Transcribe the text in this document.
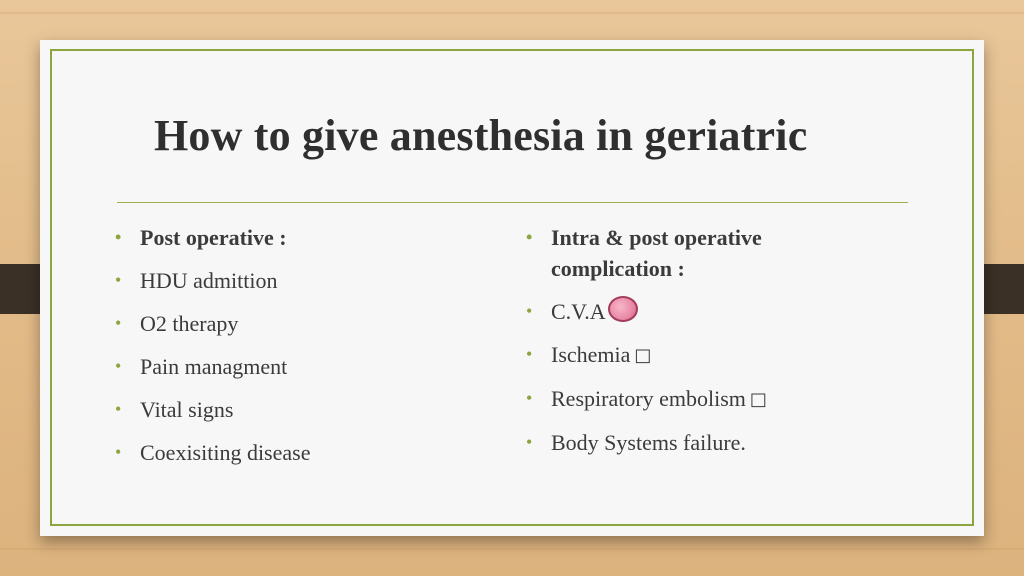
How to give anesthesia in geriatric
• Post operative :
• HDU admittion
• O2 therapy
• Pain managment
• Vital signs
• Coexisiting disease
• Intra & post operative complication :
• C.V.A
• Ischemia □
• Respiratory embolism □
• Body Systems failure.
